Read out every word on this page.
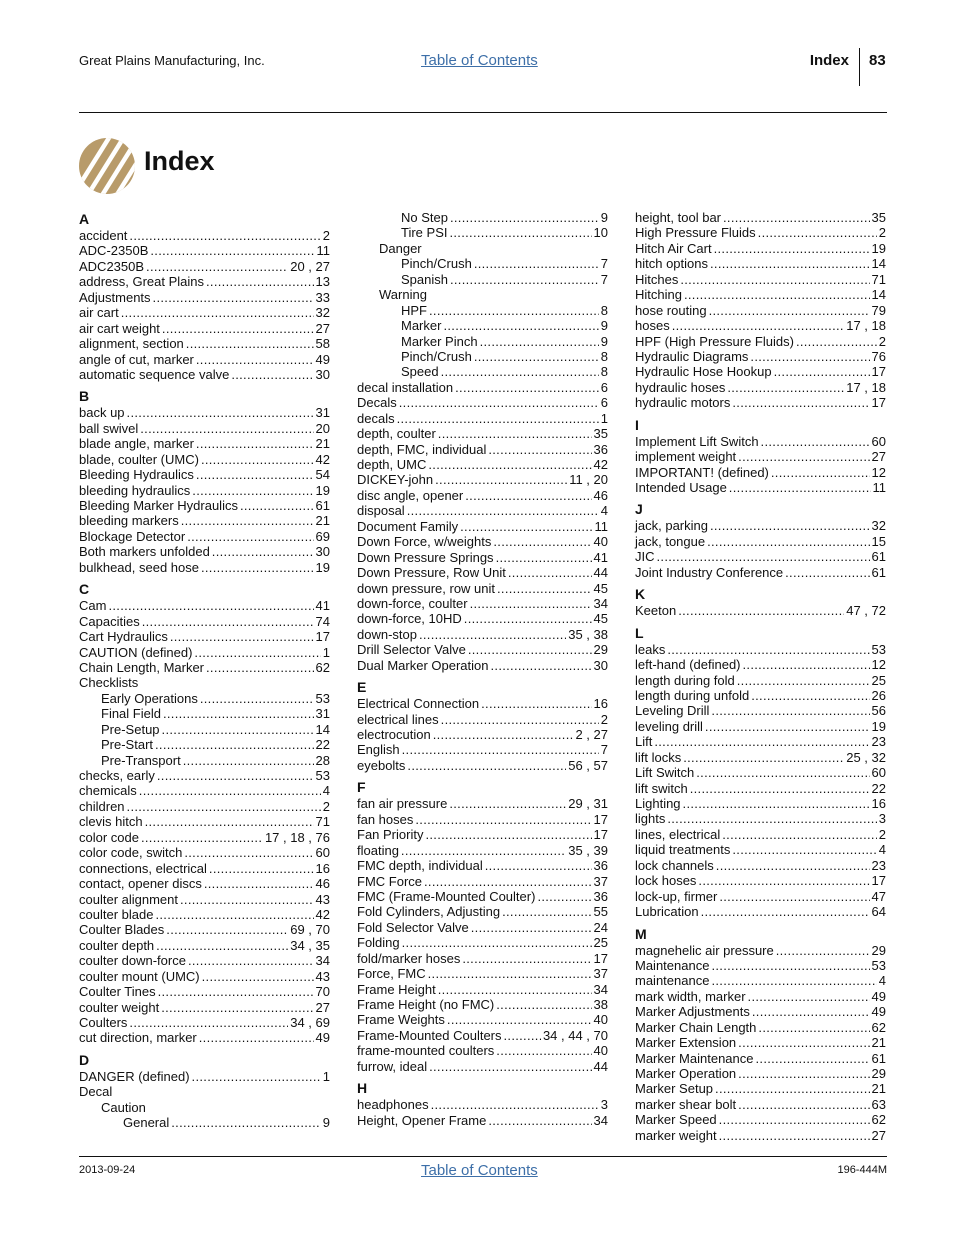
Great Plains Manufacturing, Inc.	Table of Contents	Index 83
Index
A
accident .....	2
ADC-2350B .....	11
ADC2350B .....	20 , 27
address, Great Plains .....	13
Adjustments .....	33
air cart .....	32
air cart weight .....	27
alignment, section .....	58
angle of cut, marker .....	49
automatic sequence valve .....	30
B
back up .....	31
ball swivel .....	20
blade angle, marker .....	21
blade, coulter (UMC) .....	42
Bleeding Hydraulics .....	54
bleeding hydraulics .....	19
Bleeding Marker Hydraulics .....	61
bleeding markers .....	21
Blockage Detector .....	69
Both markers unfolded .....	30
bulkhead, seed hose .....	19
C
Cam .....	41
Capacities .....	74
Cart Hydraulics .....	17
CAUTION (defined) .....	1
Chain Length, Marker .....	62
Checklists
Early Operations .....	53
Final Field .....	31
Pre-Setup .....	14
Pre-Start .....	22
Pre-Transport .....	28
checks, early .....	53
chemicals .....	4
children .....	2
clevis hitch .....	71
color code .....	17 , 18 , 76
color code, switch .....	60
connections, electrical .....	16
contact, opener discs .....	46
coulter alignment .....	43
coulter blade .....	42
Coulter Blades .....	69 , 70
coulter depth .....	34 , 35
coulter down-force .....	34
coulter mount (UMC) .....	43
Coulter Tines .....	70
coulter weight .....	27
Coulters .....	34 , 69
cut direction, marker .....	49
D
DANGER (defined) .....	1
Decal
Caution
General .....	9
No Step .....	9
Tire PSI .....	10
Danger
Pinch/Crush .....	7
Spanish .....	7
Warning
HPF .....	8
Marker .....	9
Marker Pinch .....	9
Pinch/Crush .....	8
Speed .....	8
decal installation .....	6
Decals .....	6
decals .....	1
depth, coulter .....	35
depth, FMC, individual .....	36
depth, UMC .....	42
DICKEY-john .....	11 , 20
disc angle, opener .....	46
disposal .....	4
Document Family .....	11
Down Force, w/weights .....	40
Down Pressure Springs .....	41
Down Pressure, Row Unit .....	44
down pressure, row unit .....	45
down-force, coulter .....	34
down-force, 10HD .....	45
down-stop .....	35 , 38
Drill Selector Valve .....	29
Dual Marker Operation .....	30
E
Electrical Connection .....	16
electrical lines .....	2
electrocution .....	2 , 27
English .....	7
eyebolts .....	56 , 57
F
fan air pressure .....	29 , 31
fan hoses .....	17
Fan Priority .....	17
floating .....	35 , 39
FMC depth, individual .....	36
FMC Force .....	37
FMC (Frame-Mounted Coulter) .....	36
Fold Cylinders, Adjusting .....	55
Fold Selector Valve .....	24
Folding .....	25
fold/marker hoses .....	17
Force, FMC .....	37
Frame Height .....	34
Frame Height (no FMC) .....	38
Frame Weights .....	40
Frame-Mounted Coulters .....	34 , 44 , 70
frame-mounted coulters .....	40
furrow, ideal .....	44
H
headphones .....	3
Height, Opener Frame .....	34
height, tool bar .....	35
High Pressure Fluids .....	2
Hitch Air Cart .....	19
hitch options .....	14
Hitches .....	71
Hitching .....	14
hose routing .....	79
hoses .....	17 , 18
HPF (High Pressure Fluids) .....	2
Hydraulic Diagrams .....	76
Hydraulic Hose Hookup .....	17
hydraulic hoses .....	17 , 18
hydraulic motors .....	17
I
Implement Lift Switch .....	60
implement weight .....	27
IMPORTANT! (defined) .....	12
Intended Usage .....	11
J
jack, parking .....	32
jack, tongue .....	15
JIC .....	61
Joint Industry Conference .....	61
K
Keeton .....	47 , 72
L
leaks .....	53
left-hand (defined) .....	12
length during fold .....	25
length during unfold .....	26
Leveling Drill .....	56
leveling drill .....	19
Lift .....	23
lift locks .....	25 , 32
Lift Switch .....	60
lift switch .....	22
Lighting .....	16
lights .....	3
lines, electrical .....	2
liquid treatments .....	4
lock channels .....	23
lock hoses .....	17
lock-up, firmer .....	47
Lubrication .....	64
M
magnehelic air pressure .....	29
Maintenance .....	53
maintenance .....	4
mark width, marker .....	49
Marker Adjustments .....	49
Marker Chain Length .....	62
Marker Extension .....	21
Marker Maintenance .....	61
Marker Operation .....	29
Marker Setup .....	21
marker shear bolt .....	63
Marker Speed .....	62
marker weight .....	27
2013-09-24	Table of Contents	196-444M
